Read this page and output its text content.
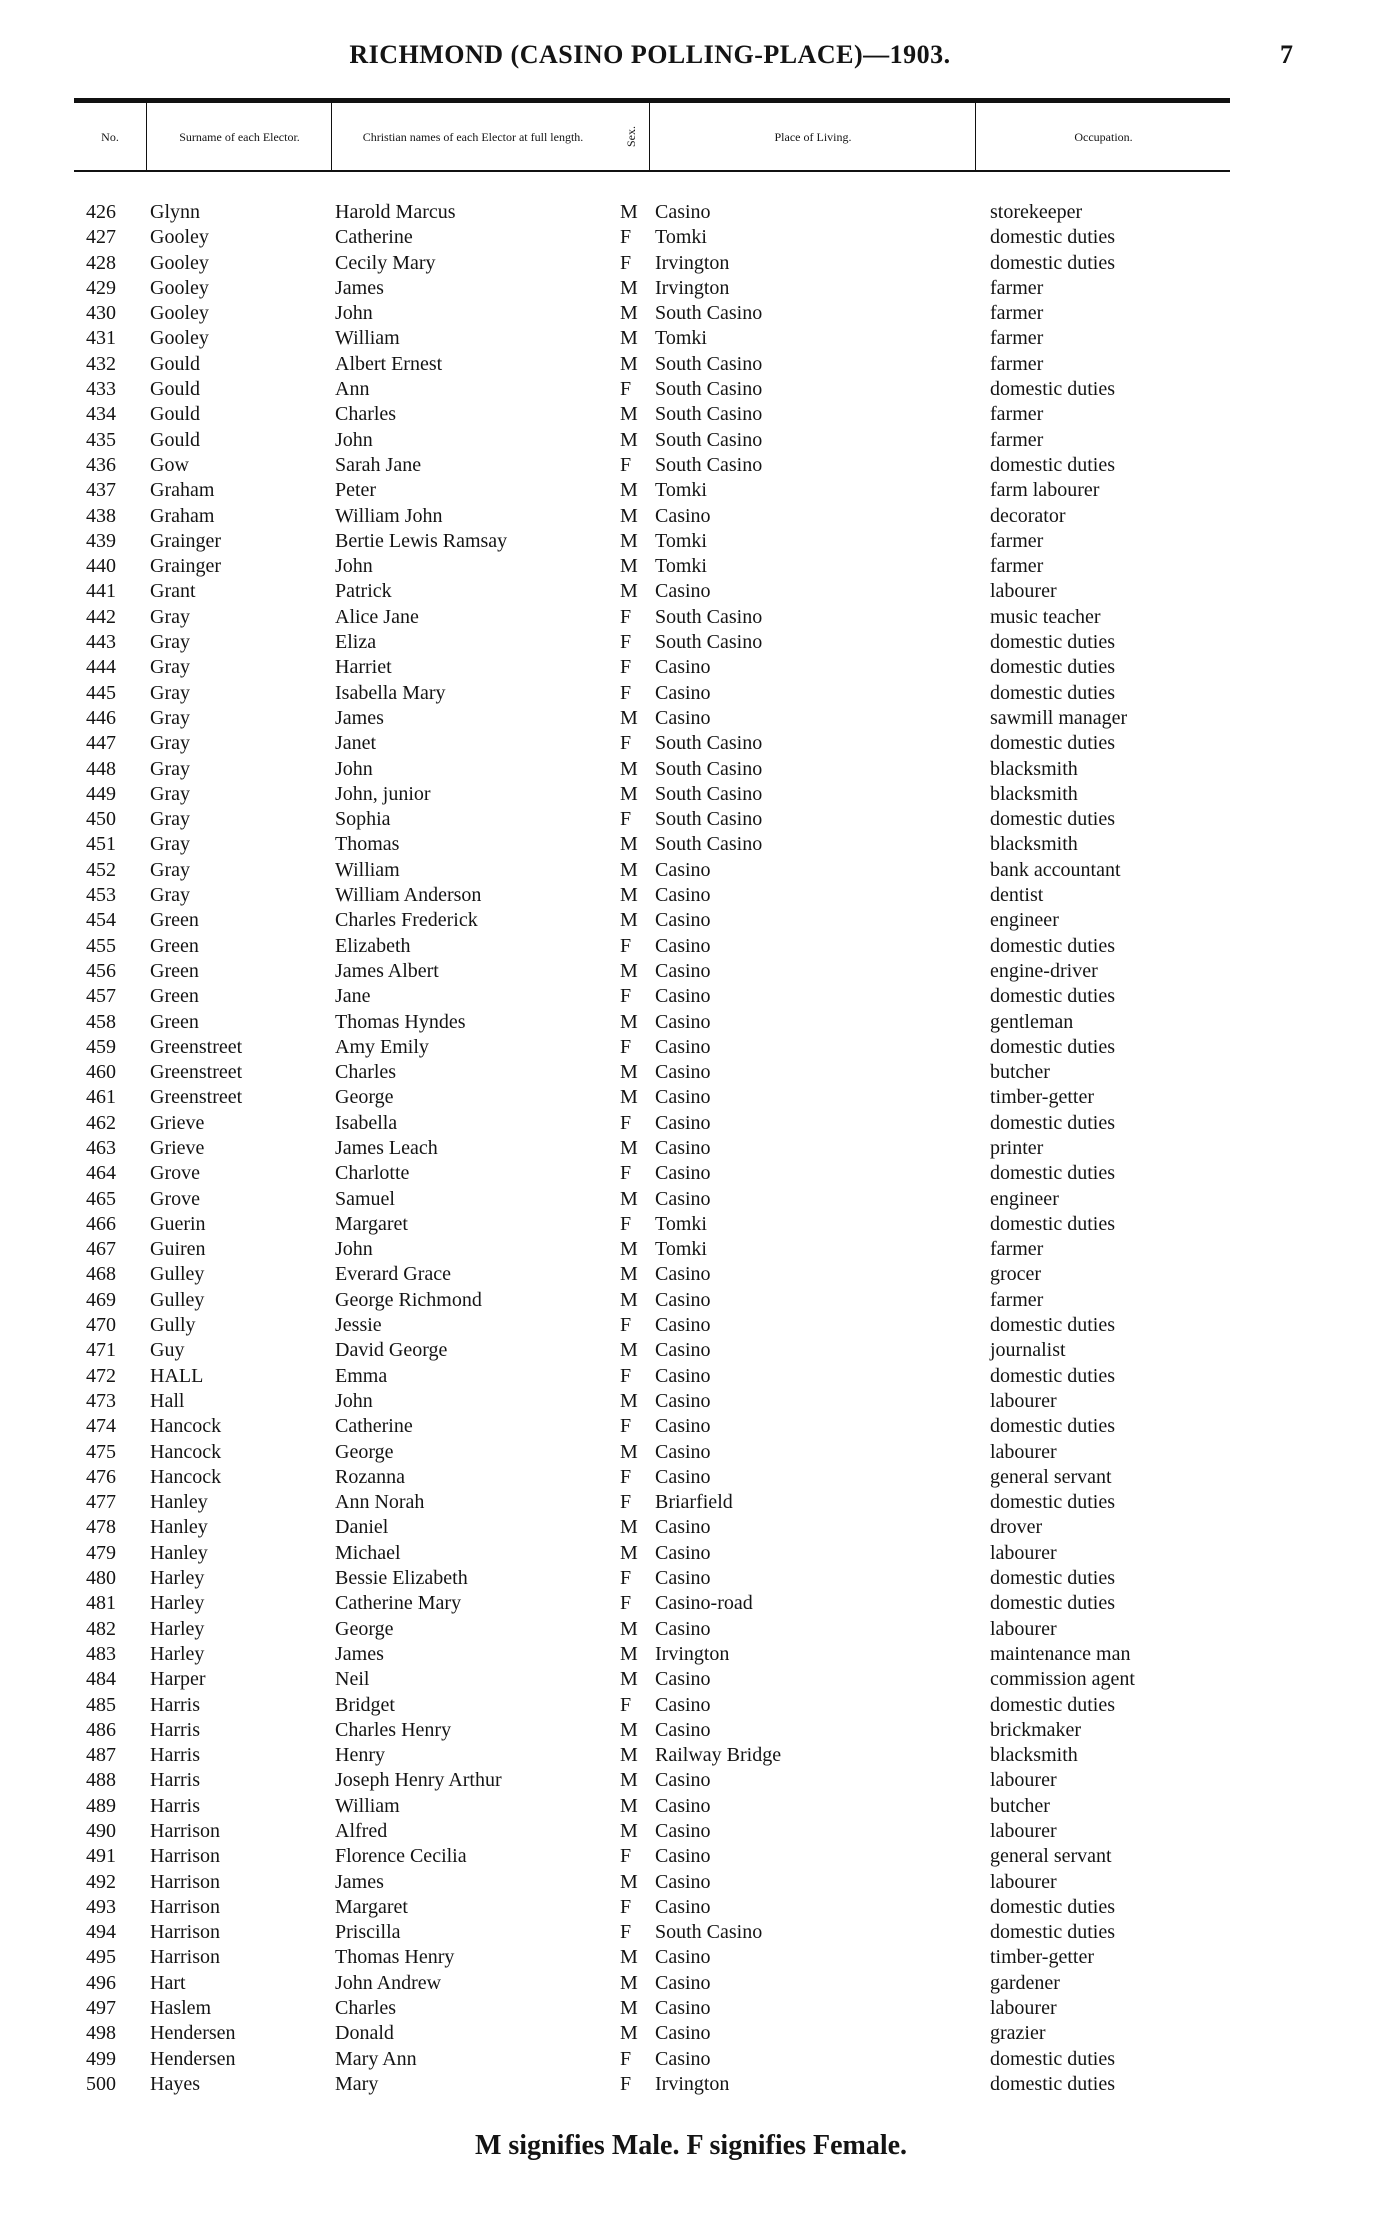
RICHMOND (CASINO POLLING-PLACE)—1903.	7
No.	Surname of each Elector.	Christian names of each Elector at full length.	Sex.	Place of Living.	Occupation.
426 Glynn	Harold Marcus	M Casino	storekeeper
427 Gooley	Catherine	F Tomki	domestic duties
428 Gooley	Cecily Mary	F Irvington	domestic duties
429 Gooley	James	M Irvington	farmer
430 Gooley	John	M South Casino	farmer
431 Gooley	William	M Tomki	farmer
432 Gould	Albert Ernest	M South Casino	farmer
433 Gould	Ann	F South Casino	domestic duties
434 Gould	Charles	M South Casino	farmer
435 Gould	John	M South Casino	farmer
436 Gow	Sarah Jane	F South Casino	domestic duties
437 Graham	Peter	M Tomki	farm labourer
438 Graham	William John	M Casino	decorator
439 Grainger	Bertie Lewis Ramsay	M Tomki	farmer
440 Grainger	John	M Tomki	farmer
441 Grant	Patrick	M Casino	labourer
442 Gray	Alice Jane	F South Casino	music teacher
443 Gray	Eliza	F South Casino	domestic duties
444 Gray	Harriet	F Casino	domestic duties
445 Gray	Isabella Mary	F Casino	domestic duties
446 Gray	James	M Casino	sawmill manager
447 Gray	Janet	F South Casino	domestic duties
448 Gray	John	M South Casino	blacksmith
449 Gray	John, junior	M South Casino	blacksmith
450 Gray	Sophia	F South Casino	domestic duties
451 Gray	Thomas	M South Casino	blacksmith
452 Gray	William	M Casino	bank accountant
453 Gray	William Anderson	M Casino	dentist
454 Green	Charles Frederick	M Casino	engineer
455 Green	Elizabeth	F Casino	domestic duties
456 Green	James Albert	M Casino	engine-driver
457 Green	Jane	F Casino	domestic duties
458 Green	Thomas Hyndes	M Casino	gentleman
459 Greenstreet	Amy Emily	F Casino	domestic duties
460 Greenstreet	Charles	M Casino	butcher
461 Greenstreet	George	M Casino	timber-getter
462 Grieve	Isabella	F Casino	domestic duties
463 Grieve	James Leach	M Casino	printer
464 Grove	Charlotte	F Casino	domestic duties
465 Grove	Samuel	M Casino	engineer
466 Guerin	Margaret	F Tomki	domestic duties
467 Guiren	John	M Tomki	farmer
468 Gulley	Everard Grace	M Casino	grocer
469 Gulley	George Richmond	M Casino	farmer
470 Gully	Jessie	F Casino	domestic duties
471 Guy	David George	M Casino	journalist
472 HALL	Emma	F Casino	domestic duties
473 Hall	John	M Casino	labourer
474 Hancock	Catherine	F Casino	domestic duties
475 Hancock	George	M Casino	labourer
476 Hancock	Rozanna	F Casino	general servant
477 Hanley	Ann Norah	F Briarfield	domestic duties
478 Hanley	Daniel	M Casino	drover
479 Hanley	Michael	M Casino	labourer
480 Harley	Bessie Elizabeth	F Casino	domestic duties
481 Harley	Catherine Mary	F Casino-road	domestic duties
482 Harley	George	M Casino	labourer
483 Harley	James	M Irvington	maintenance man
484 Harper	Neil	M Casino	commission agent
485 Harris	Bridget	F Casino	domestic duties
486 Harris	Charles Henry	M Casino	brickmaker
487 Harris	Henry	M Railway Bridge	blacksmith
488 Harris	Joseph Henry Arthur	M Casino	labourer
489 Harris	William	M Casino	butcher
490 Harrison	Alfred	M Casino	labourer
491 Harrison	Florence Cecilia	F Casino	general servant
492 Harrison	James	M Casino	labourer
493 Harrison	Margaret	F Casino	domestic duties
494 Harrison	Priscilla	F South Casino	domestic duties
495 Harrison	Thomas Henry	M Casino	timber-getter
496 Hart	John Andrew	M Casino	gardener
497 Haslem	Charles	M Casino	labourer
498 Hendersen	Donald	M Casino	grazier
499 Hendersen	Mary Ann	F Casino	domestic duties
500 Hayes	Mary	F Irvington	domestic duties
M signifies Male. F signifies Female.
